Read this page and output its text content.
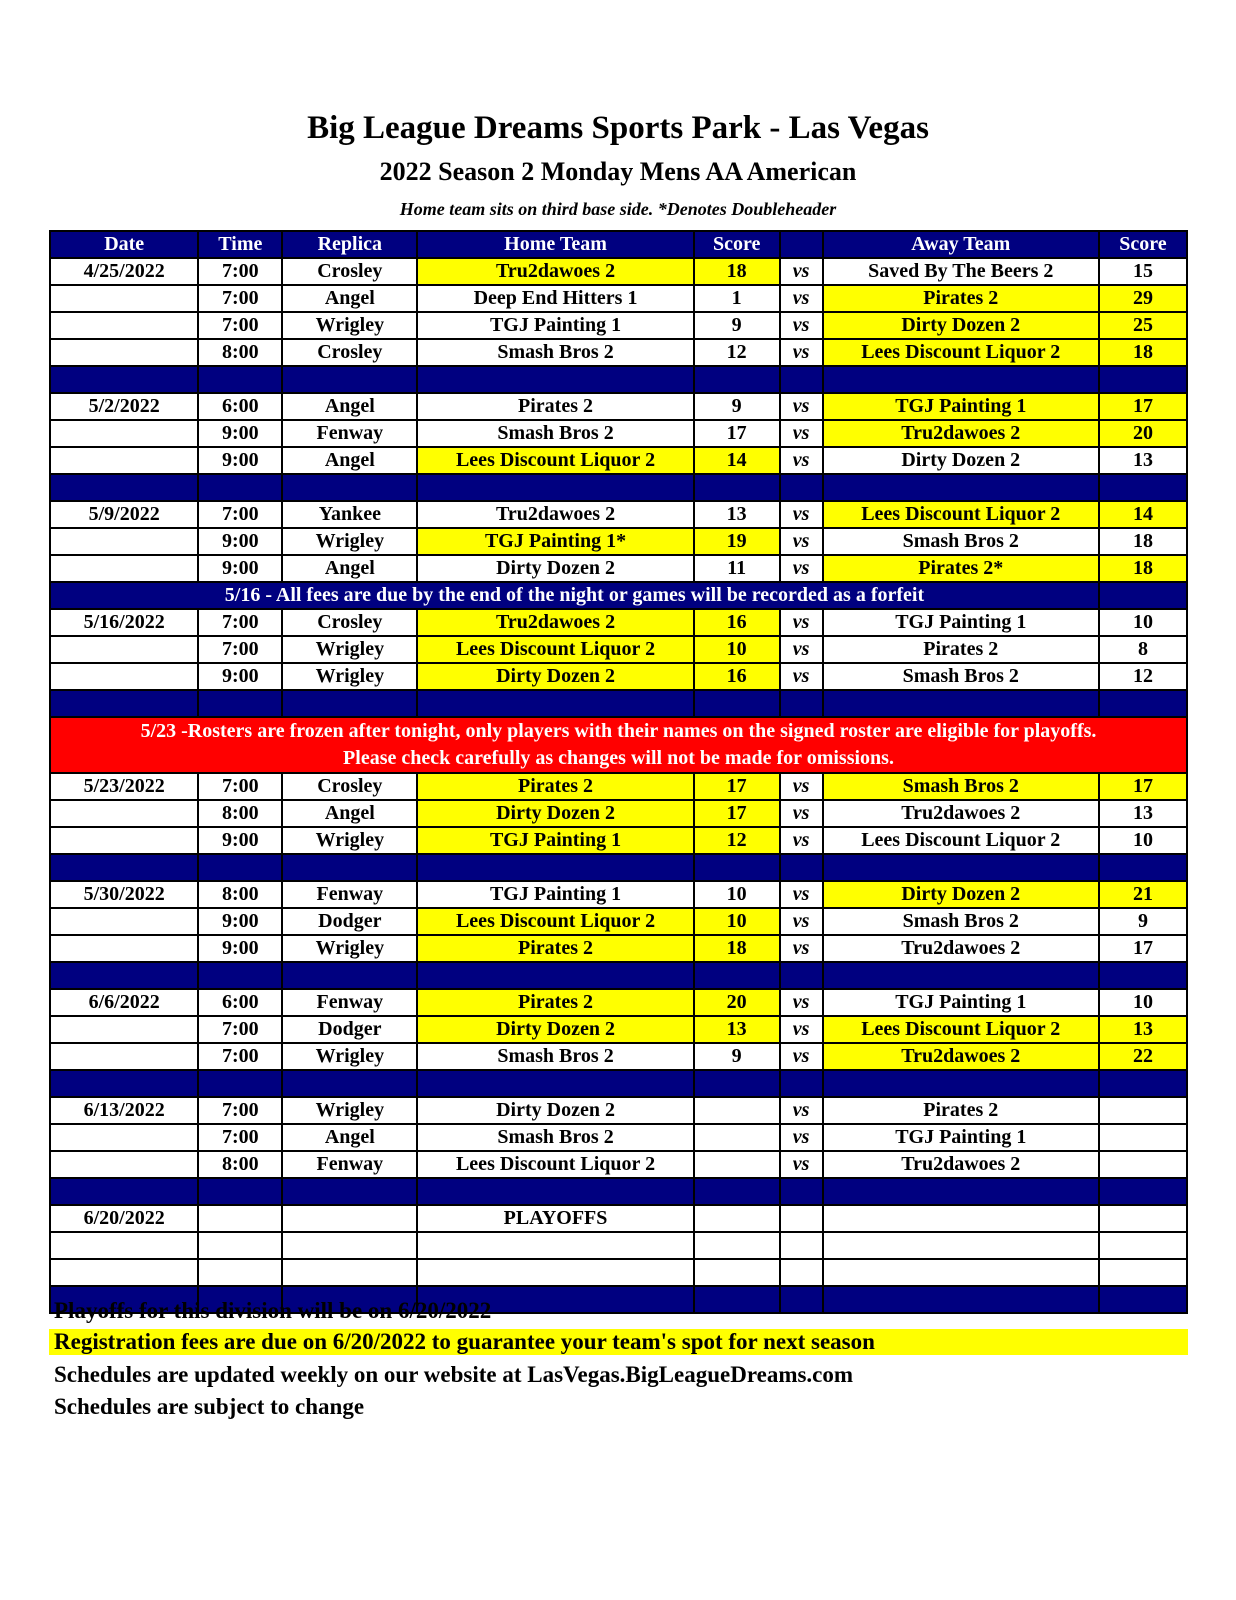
Big League Dreams Sports Park - Las Vegas
2022 Season 2 Monday Mens AA American
Home team sits on third base side. *Denotes Doubleheader
Date	Time	Replica	Home Team	Score		Away Team	Score
4/25/2022	7:00	Crosley	Tru2dawoes 2	18	vs	Saved By The Beers 2	15
	7:00	Angel	Deep End Hitters 1	1	vs	Pirates 2	29
	7:00	Wrigley	TGJ Painting 1	9	vs	Dirty Dozen 2	25
	8:00	Crosley	Smash Bros 2	12	vs	Lees Discount Liquor 2	18

5/2/2022	6:00	Angel	Pirates 2	9	vs	TGJ Painting 1	17
	9:00	Fenway	Smash Bros 2	17	vs	Tru2dawoes 2	20
	9:00	Angel	Lees Discount Liquor 2	14	vs	Dirty Dozen 2	13

5/9/2022	7:00	Yankee	Tru2dawoes 2	13	vs	Lees Discount Liquor 2	14
	9:00	Wrigley	TGJ Painting 1*	19	vs	Smash Bros 2	18
	9:00	Angel	Dirty Dozen 2	11	vs	Pirates 2*	18
5/16 - All fees are due by the end of the night or games will be recorded as a forfeit							
5/16/2022	7:00	Crosley	Tru2dawoes 2	16	vs	TGJ Painting 1	10
	7:00	Wrigley	Lees Discount Liquor 2	10	vs	Pirates 2	8
	9:00	Wrigley	Dirty Dozen 2	16	vs	Smash Bros 2	12

5/23 -Rosters are frozen after tonight, only players with their names on the signed roster are eligible for playoffs.
Please check carefully as changes will not be made for omissions.							

5/23/2022	7:00	Crosley	Pirates 2	17	vs	Smash Bros 2	17
	8:00	Angel	Dirty Dozen 2	17	vs	Tru2dawoes 2	13
	9:00	Wrigley	TGJ Painting 1	12	vs	Lees Discount Liquor 2	10

5/30/2022	8:00	Fenway	TGJ Painting 1	10	vs	Dirty Dozen 2	21
	9:00	Dodger	Lees Discount Liquor 2	10	vs	Smash Bros 2	9
	9:00	Wrigley	Pirates 2	18	vs	Tru2dawoes 2	17

6/6/2022	6:00	Fenway	Pirates 2	20	vs	TGJ Painting 1	10
	7:00	Dodger	Dirty Dozen 2	13	vs	Lees Discount Liquor 2	13
	7:00	Wrigley	Smash Bros 2	9	vs	Tru2dawoes 2	22

6/13/2022	7:00	Wrigley	Dirty Dozen 2		vs	Pirates 2	
	7:00	Angel	Smash Bros 2		vs	TGJ Painting 1	
	8:00	Fenway	Lees Discount Liquor 2		vs	Tru2dawoes 2	

6/20/2022			PLAYOFFS				

Playoffs for this division will be on 6/20/2022
Registration fees are due on 6/20/2022 to guarantee your team's spot for next season
Schedules are updated weekly on our website at LasVegas.BigLeagueDreams.com
Schedules are subject to change
